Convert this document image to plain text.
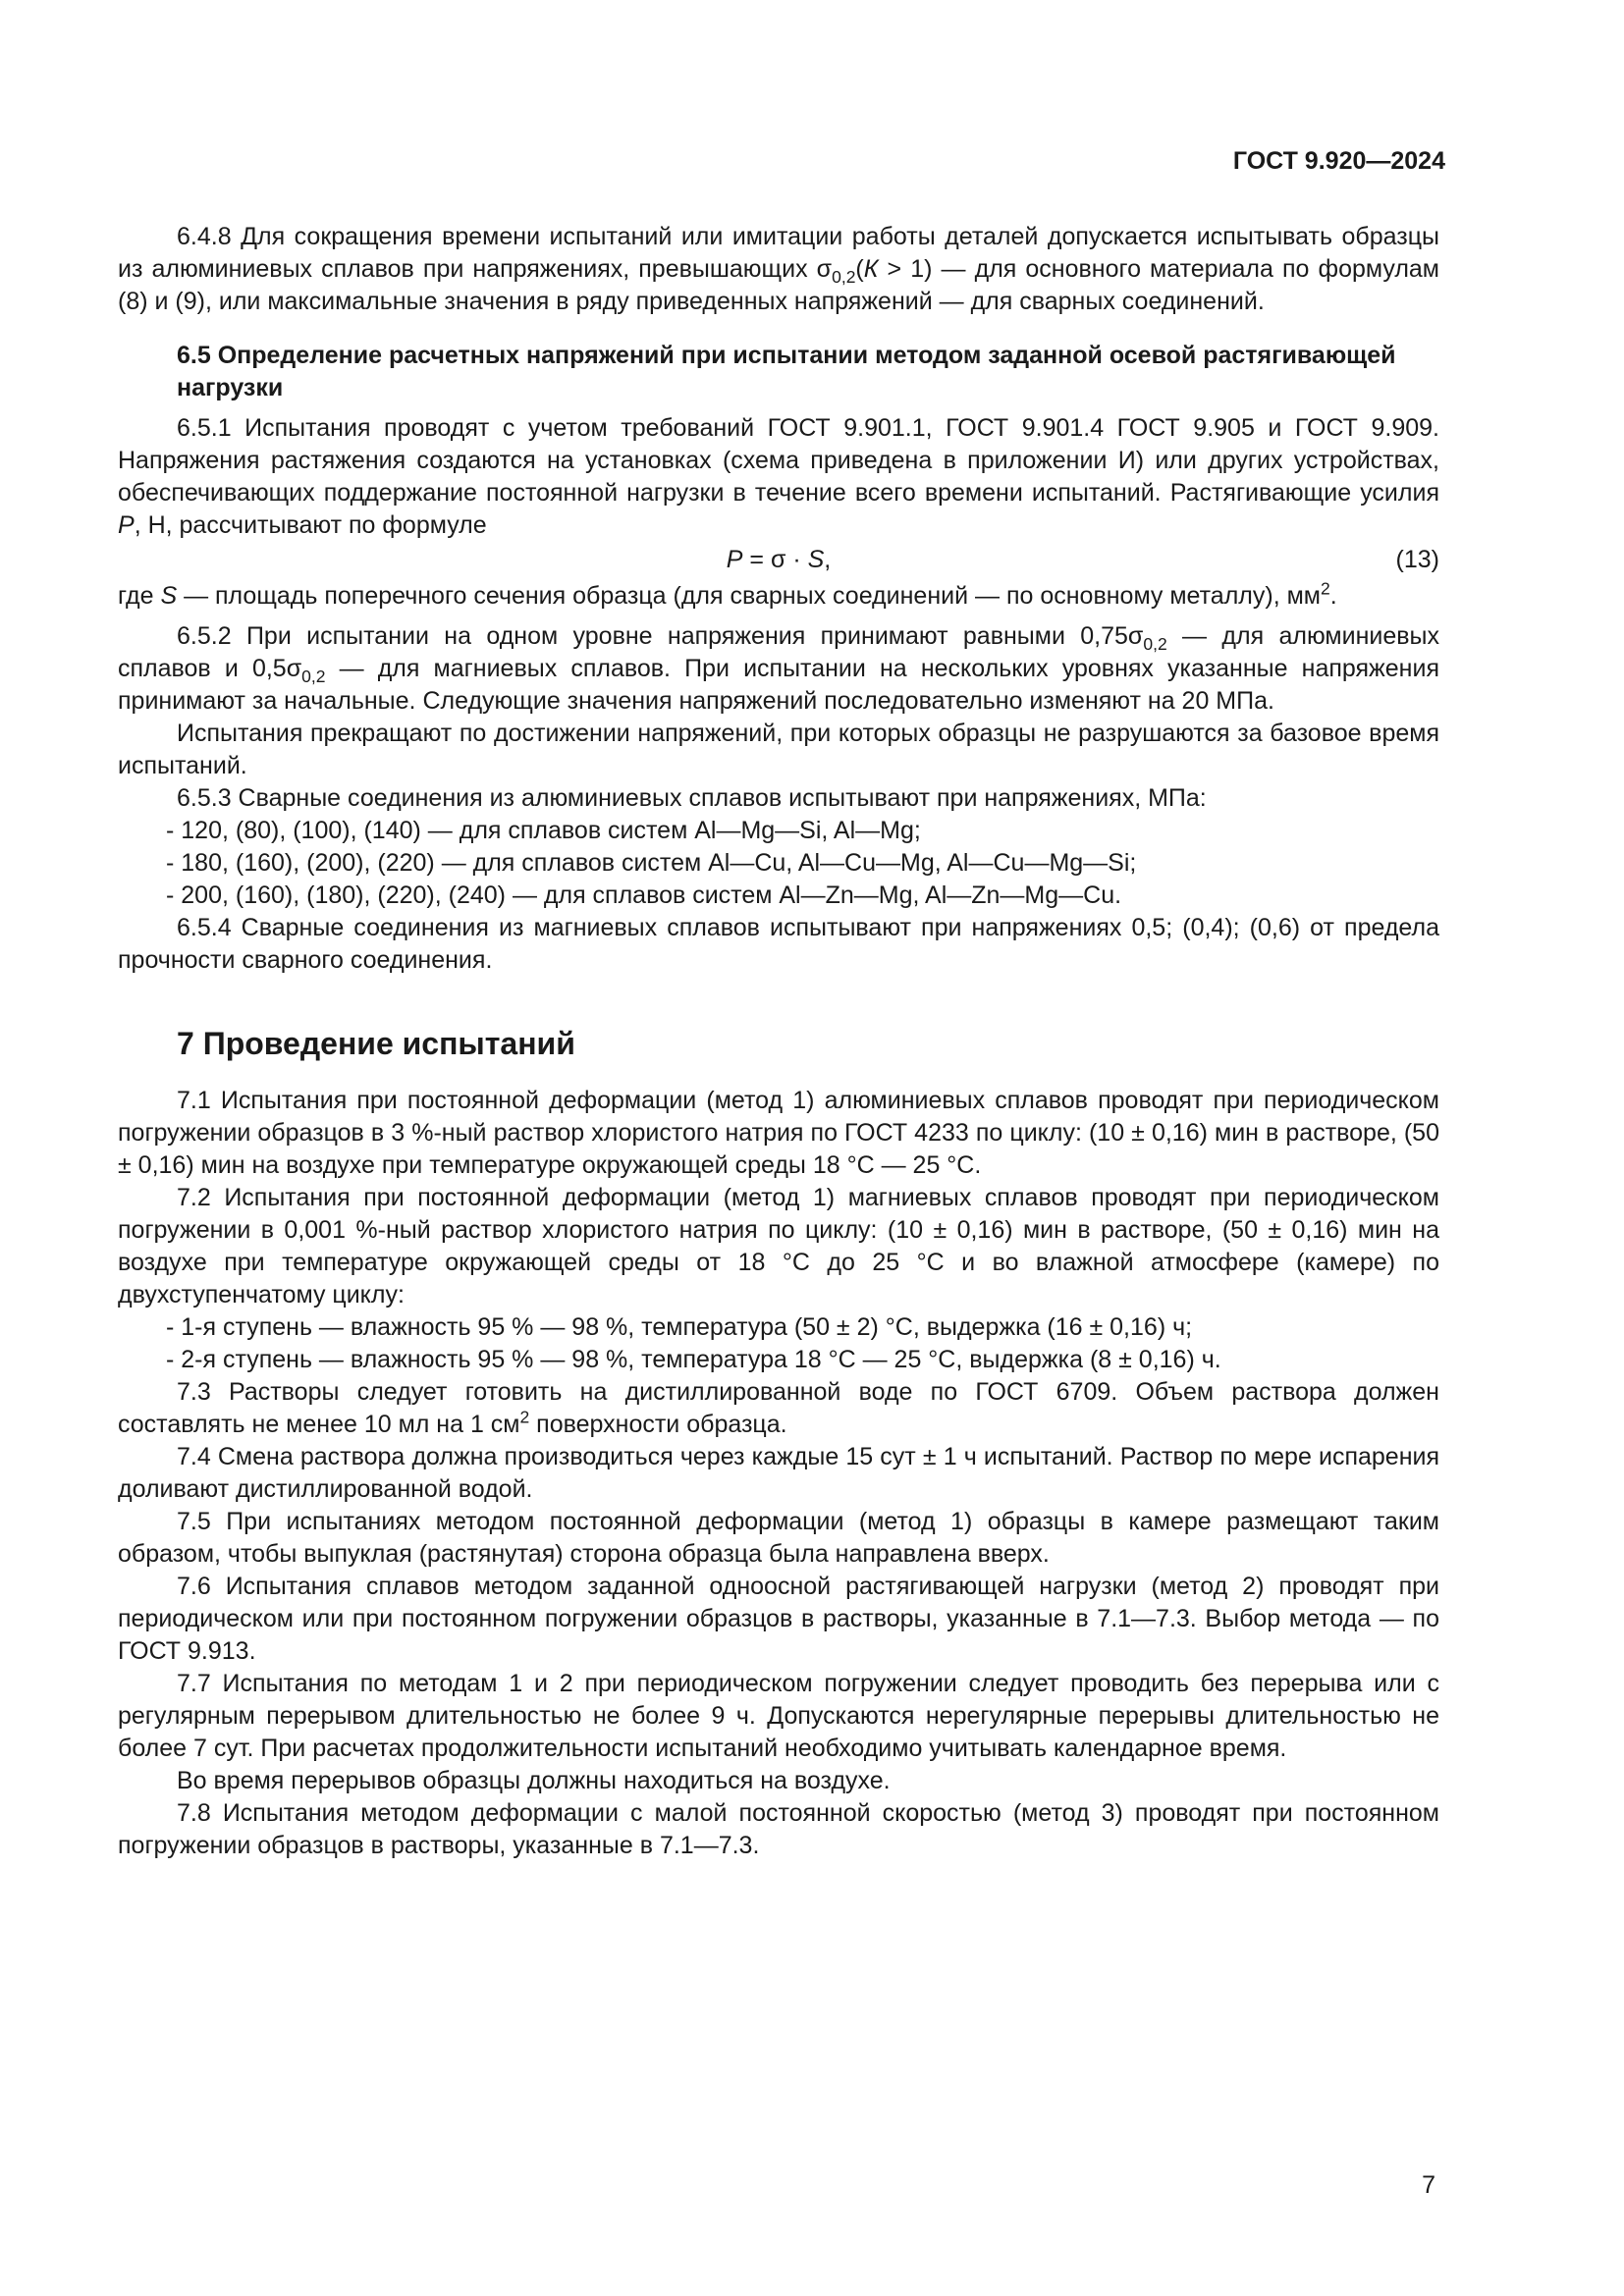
ГОСТ 9.920—2024

6.4.8 Для сокращения времени испытаний или имитации работы деталей допускается испытывать образцы из алюминиевых сплавов при напряжениях, превышающих $\sigma_{0,2}(К > 1)$ — для основного материала по формулам (8) и (9), или максимальные значения в ряду приведенных напряжений — для сварных соединений.

6.5 Определение расчетных напряжений при испытании методом заданной осевой растягивающей нагрузки

6.5.1 Испытания проводят с учетом требований ГОСТ 9.901.1, ГОСТ 9.901.4 ГОСТ 9.905 и ГОСТ 9.909. Напряжения растяжения создаются на установках (схема приведена в приложении И) или других устройствах, обеспечивающих поддержание постоянной нагрузки в течение всего времени испытаний. Растягивающие усилия Р, Н, рассчитывают по формуле

Р = σ · S,	(13)

где S — площадь поперечного сечения образца (для сварных соединений — по основному металлу), $мм^2$.

6.5.2 При испытании на одном уровне напряжения принимают равными $0,75\sigma_{0,2}$ — для алюминиевых сплавов и $0,5\sigma_{0,2}$ — для магниевых сплавов. При испытании на нескольких уровнях указанные напряжения принимают за начальные. Следующие значения напряжений последовательно изменяют на 20 МПа.

Испытания прекращают по достижении напряжений, при которых образцы не разрушаются за базовое время испытаний.

6.5.3 Сварные соединения из алюминиевых сплавов испытывают при напряжениях, МПа:

- 120, (80), (100), (140) — для сплавов систем Al—Mg—Si, Al—Mg;

- 180, (160), (200), (220) — для сплавов систем Al—Cu, Al—Cu—Mg, Al—Cu—Mg—Si;

- 200, (160), (180), (220), (240) — для сплавов систем Al—Zn—Mg, Al—Zn—Mg—Cu.

6.5.4 Сварные соединения из магниевых сплавов испытывают при напряжениях 0,5; (0,4); (0,6) от предела прочности сварного соединения.

7 Проведение испытаний

7.1 Испытания при постоянной деформации (метод 1) алюминиевых сплавов проводят при периодическом погружении образцов в 3 %-ный раствор хлористого натрия по ГОСТ 4233 по циклу: (10 ± 0,16) мин в растворе, (50 ± 0,16) мин на воздухе при температуре окружающей среды 18 °С — 25 °С.

7.2 Испытания при постоянной деформации (метод 1) магниевых сплавов проводят при периодическом погружении в 0,001 %-ный раствор хлористого натрия по циклу: (10 ± 0,16) мин в растворе, (50 ± 0,16) мин на воздухе при температуре окружающей среды от 18 °С до 25 °С и во влажной атмосфере (камере) по двухступенчатому циклу:

- 1-я ступень — влажность 95 % — 98 %, температура (50 ± 2) °С, выдержка (16 ± 0,16) ч;

- 2-я ступень — влажность 95 % — 98 %, температура 18 °С — 25 °С, выдержка (8 ± 0,16) ч.

7.3 Растворы следует готовить на дистиллированной воде по ГОСТ 6709. Объем раствора должен составлять не менее 10 мл на 1 $см^2$ поверхности образца.

7.4 Смена раствора должна производиться через каждые 15 сут ± 1 ч испытаний. Раствор по мере испарения доливают дистиллированной водой.

7.5 При испытаниях методом постоянной деформации (метод 1) образцы в камере размещают таким образом, чтобы выпуклая (растянутая) сторона образца была направлена вверх.

7.6 Испытания сплавов методом заданной одноосной растягивающей нагрузки (метод 2) проводят при периодическом или при постоянном погружении образцов в растворы, указанные в 7.1—7.3. Выбор метода — по ГОСТ 9.913.

7.7 Испытания по методам 1 и 2 при периодическом погружении следует проводить без перерыва или с регулярным перерывом длительностью не более 9 ч. Допускаются нерегулярные перерывы длительностью не более 7 сут. При расчетах продолжительности испытаний необходимо учитывать календарное время.

Во время перерывов образцы должны находиться на воздухе.

7.8 Испытания методом деформации с малой постоянной скоростью (метод 3) проводят при постоянном погружении образцов в растворы, указанные в 7.1—7.3.

7
